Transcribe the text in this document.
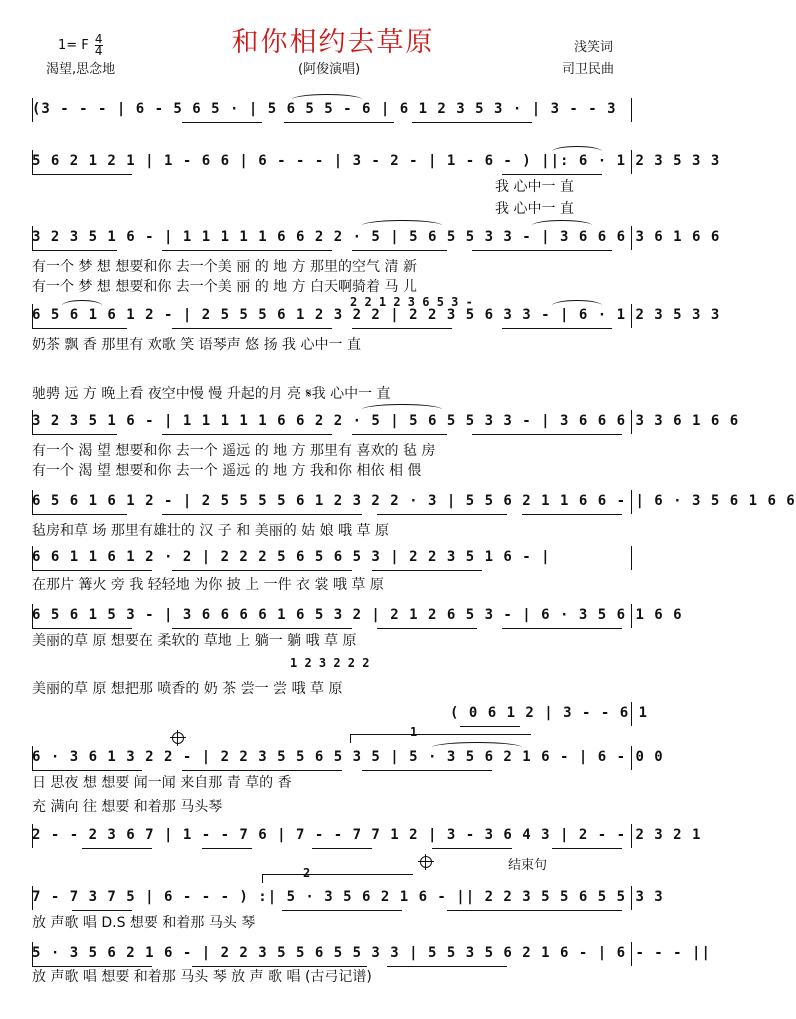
和你相约去草原
1= F $\frac{4}{4}$
渴望,思念地	(阿俊演唱)
浅笑词
司卫民曲
(3 - - - | 6 - 5 6 5 · | 5 6 5 5 - 6 | 6 1 2 3 5 3 · | 3 - - 3
5 6 2 1 2 1 | 1 - 6 6 | 6 - - - | 3 - 2 - | 1 - 6 - ) ||: 6 · 1 2 3 5 3 3
我 心中一 直
我 心中一 直
3 2 3 5 1 6 - | 1 1 1 1 1 6 6 2 2 · 5 | 5 6 5 5 3 3 - | 3 6 6 6 3 6 1 6 6
有一个 梦 想 想要和你 去一个美 丽 的 地 方 那里的空气 清 新
有一个 梦 想 想要和你 去一个美 丽 的 地 方 白天啊骑着 马 儿
2 2 1 2 3 6 5 3 -
6 5 6 1 6 1 2 - | 2 5 5 5 6 1 2 3 2 2 | 2 2 3 5 6 3 3 - | 6 · 1 2 3 5 3 3
奶茶 飘 香 那里有 欢歌 笑 语琴声 悠 扬 我 心中一 直
驰骋 远 方 晚上看 夜空中慢 慢 升起的月 亮 𝄋我 心中一 直
3 2 3 5 1 6 - | 1 1 1 1 1 6 6 2 2 · 5 | 5 6 5 5 3 3 - | 3 6 6 6 3 3 6 1 6 6
有一个 渴 望 想要和你 去一个 遥远 的 地 方 那里有 喜欢的 毡 房
有一个 渴 望 想要和你 去一个 遥远 的 地 方 我和你 相依 相 偎
6 5 6 1 6 1 2 - | 2 5 5 5 5 6 1 2 3 2 2 · 3 | 5 5 6 2 1 1 6 6 - | 6 · 3 5 6 1 6 6
毡房和草 场 那里有雄壮的 汉 子 和 美丽的 姑 娘 哦 草 原
6 6 1 1 6 1 2 · 2 | 2 2 2 5 6 5 6 5 3 | 2 2 3 5 1 6 - |
在那片 篝火 旁 我 轻轻地 为你 披 上 一件 衣 裳 哦 草 原
6 5 6 1 5 3 - | 3 6 6 6 6 1 6 5 3 2 | 2 1 2 6 5 3 - | 6 · 3 5 6 1 6 6
美丽的草 原 想要在 柔软的 草地 上 躺一 躺 哦 草 原
1 2 3 2 2 2
美丽的草 原 想把那 喷香的 奶 茶 尝一 尝 哦 草 原
( 0 6 1 2 | 3 - - 6 1
1
6 · 3 6 1 3 2 2 - | 2 2 3 5 5 6 5 3 5 | 5 · 3 5 6 2 1 6 - | 6 - 0 0
日 思夜 想 想要 闻一闻 来自那 青 草的 香
充 满向 往 想要 和着那 马头琴
2 - - 2 3 6 7 | 1 - - 7 6 | 7 - - 7 7 1 2 | 3 - 3 6 4 3 | 2 - - 2 3 2 1
2	结束句
7 - 7 3 7 5 | 6 - - - ) :| 5 · 3 5 6 2 1 6 - || 2 2 3 5 5 6 5 5 3 3
放 声歌 唱 D.S 想要 和着那 马头 琴
5 · 3 5 6 2 1 6 - | 2 2 3 5 5 6 5 5 3 3 | 5 5 3 5 6 2 1 6 - | 6 - - - ||
放 声歌 唱 想要 和着那 马头 琴 放 声 歌 唱 (古弓记谱)
